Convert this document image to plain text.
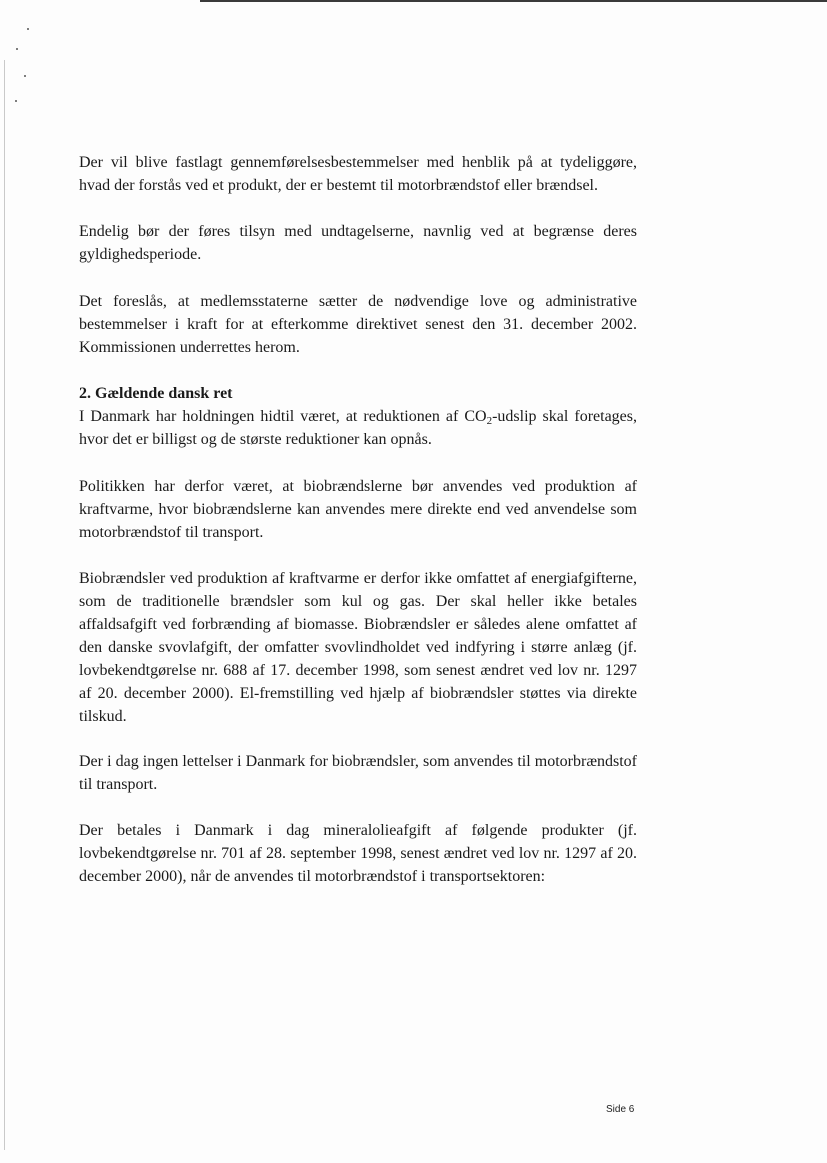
Der vil blive fastlagt gennemførelsesbestemmelser med henblik på at tydeliggøre, hvad der forstås ved et produkt, der er bestemt til motorbrændstof eller brændsel.

Endelig bør der føres tilsyn med undtagelserne, navnlig ved at begrænse deres gyldighedsperiode.

Det foreslås, at medlemsstaterne sætter de nødvendige love og administrative bestemmelser i kraft for at efterkomme direktivet senest den 31. december 2002. Kommissionen underrettes herom.

2. Gældende dansk ret

I Danmark har holdningen hidtil været, at reduktionen af $CO_2$-udslip skal foretages, hvor det er billigst og de største reduktioner kan opnås.

Politikken har derfor været, at biobrændslerne bør anvendes ved produktion af kraftvarme, hvor biobrændslerne kan anvendes mere direkte end ved anvendelse som motorbrændstof til transport.

Biobrændsler ved produktion af kraftvarme er derfor ikke omfattet af energiafgifterne, som de traditionelle brændsler som kul og gas. Der skal heller ikke betales affaldsafgift ved forbrænding af biomasse. Biobrændsler er således alene omfattet af den danske svovlafgift, der omfatter svovlindholdet ved indfyring i større anlæg (jf. lovbekendtgørelse nr. 688 af 17. december 1998, som senest ændret ved lov nr. 1297 af 20. december 2000). El-fremstilling ved hjælp af biobrændsler støttes via direkte tilskud.

Der i dag ingen lettelser i Danmark for biobrændsler, som anvendes til motorbrændstof til transport.

Der betales i Danmark i dag mineralolieafgift af følgende produkter (jf. lovbekendtgørelse nr. 701 af 28. september 1998, senest ændret ved lov nr. 1297 af 20. december 2000), når de anvendes til motorbrændstof i transportsektoren:

Side 6
